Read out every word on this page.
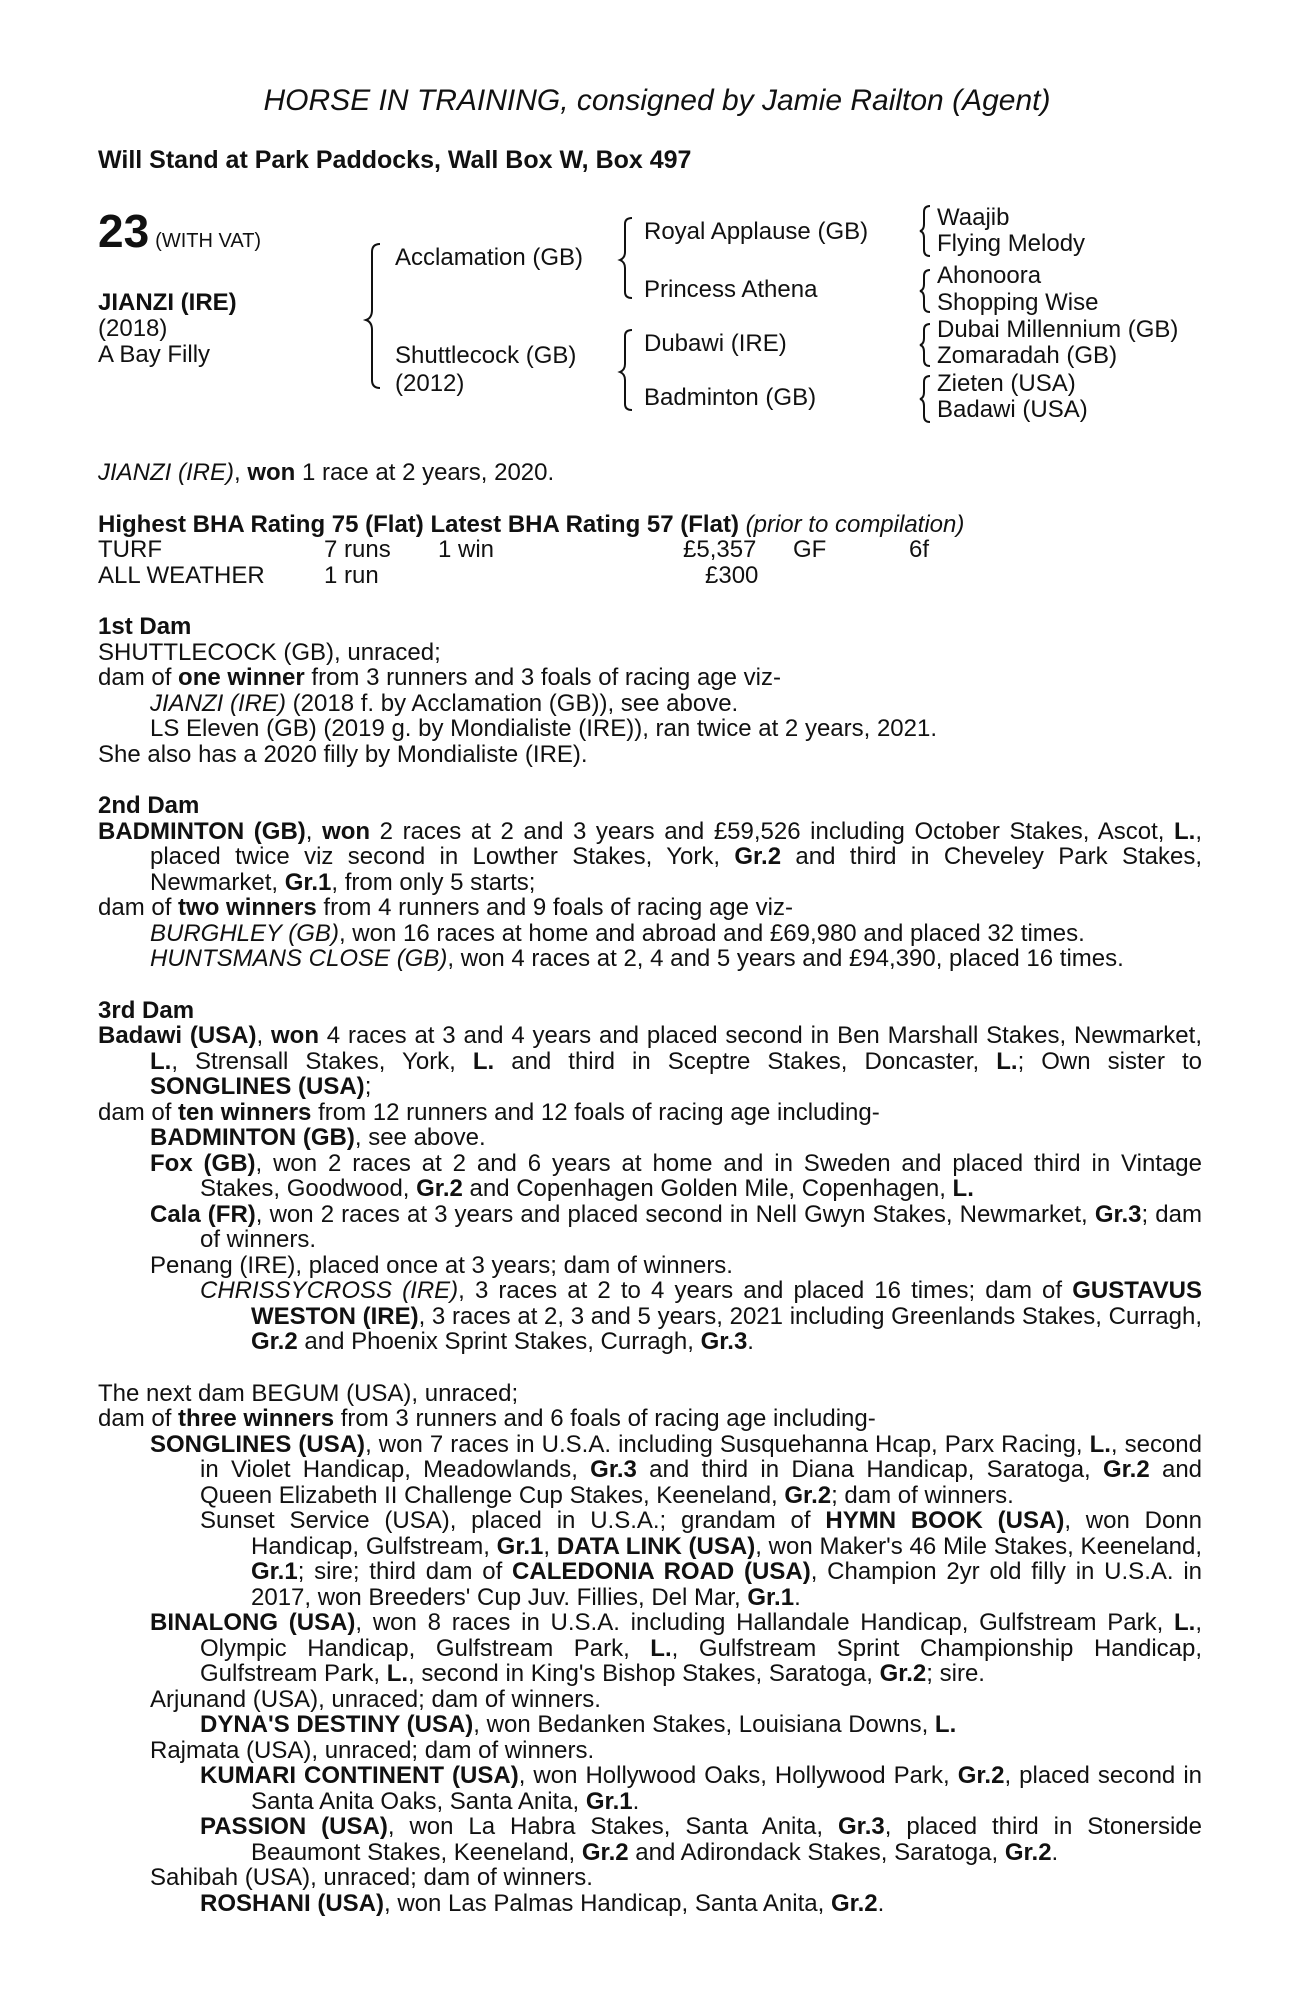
HORSE IN TRAINING, consigned by Jamie Railton (Agent)
Will Stand at Park Paddocks, Wall Box W, Box 497
23 (WITH VAT)
JIANZI (IRE)
(2018)
A Bay Filly
Acclamation (GB)
Shuttlecock (GB)
(2012)
Royal Applause (GB)
Princess Athena
Dubawi (IRE)
Badminton (GB)
Waajib
Flying Melody
Ahonoora
Shopping Wise
Dubai Millennium (GB)
Zomaradah (GB)
Zieten (USA)
Badawi (USA)

JIANZI (IRE), won 1 race at 2 years, 2020.

Highest BHA Rating 75 (Flat) Latest BHA Rating 57 (Flat) (prior to compilation)

TURF	7 runs	1 win	£5,357	GF	6f
ALL WEATHER	1 run		£300		

1st Dam

SHUTTLECOCK (GB), unraced;

dam of one winner from 3 runners and 3 foals of racing age viz-

JIANZI (IRE) (2018 f. by Acclamation (GB)), see above.

LS Eleven (GB) (2019 g. by Mondialiste (IRE)), ran twice at 2 years, 2021.

She also has a 2020 filly by Mondialiste (IRE).

2nd Dam

BADMINTON (GB), won 2 races at 2 and 3 years and £59,526 including October Stakes, Ascot, L., placed twice viz second in Lowther Stakes, York, Gr.2 and third in Cheveley Park Stakes, Newmarket, Gr.1, from only 5 starts;

dam of two winners from 4 runners and 9 foals of racing age viz-

BURGHLEY (GB), won 16 races at home and abroad and £69,980 and placed 32 times.

HUNTSMANS CLOSE (GB), won 4 races at 2, 4 and 5 years and £94,390, placed 16 times.

3rd Dam

Badawi (USA), won 4 races at 3 and 4 years and placed second in Ben Marshall Stakes, Newmarket, L., Strensall Stakes, York, L. and third in Sceptre Stakes, Doncaster, L.; Own sister to SONGLINES (USA);

dam of ten winners from 12 runners and 12 foals of racing age including-

BADMINTON (GB), see above.

Fox (GB), won 2 races at 2 and 6 years at home and in Sweden and placed third in Vintage Stakes, Goodwood, Gr.2 and Copenhagen Golden Mile, Copenhagen, L.

Cala (FR), won 2 races at 3 years and placed second in Nell Gwyn Stakes, Newmarket, Gr.3; dam of winners.

Penang (IRE), placed once at 3 years; dam of winners.

CHRISSYCROSS (IRE), 3 races at 2 to 4 years and placed 16 times; dam of GUSTAVUS WESTON (IRE), 3 races at 2, 3 and 5 years, 2021 including Greenlands Stakes, Curragh, Gr.2 and Phoenix Sprint Stakes, Curragh, Gr.3.

The next dam BEGUM (USA), unraced;

dam of three winners from 3 runners and 6 foals of racing age including-

SONGLINES (USA), won 7 races in U.S.A. including Susquehanna Hcap, Parx Racing, L., second in Violet Handicap, Meadowlands, Gr.3 and third in Diana Handicap, Saratoga, Gr.2 and Queen Elizabeth II Challenge Cup Stakes, Keeneland, Gr.2; dam of winners.

Sunset Service (USA), placed in U.S.A.; grandam of HYMN BOOK (USA), won Donn Handicap, Gulfstream, Gr.1, DATA LINK (USA), won Maker's 46 Mile Stakes, Keeneland, Gr.1; sire; third dam of CALEDONIA ROAD (USA), Champion 2yr old filly in U.S.A. in 2017, won Breeders' Cup Juv. Fillies, Del Mar, Gr.1.

BINALONG (USA), won 8 races in U.S.A. including Hallandale Handicap, Gulfstream Park, L., Olympic Handicap, Gulfstream Park, L., Gulfstream Sprint Championship Handicap, Gulfstream Park, L., second in King's Bishop Stakes, Saratoga, Gr.2; sire.

Arjunand (USA), unraced; dam of winners.

DYNA'S DESTINY (USA), won Bedanken Stakes, Louisiana Downs, L.

Rajmata (USA), unraced; dam of winners.

KUMARI CONTINENT (USA), won Hollywood Oaks, Hollywood Park, Gr.2, placed second in Santa Anita Oaks, Santa Anita, Gr.1.

PASSION (USA), won La Habra Stakes, Santa Anita, Gr.3, placed third in Stonerside Beaumont Stakes, Keeneland, Gr.2 and Adirondack Stakes, Saratoga, Gr.2.

Sahibah (USA), unraced; dam of winners.

ROSHANI (USA), won Las Palmas Handicap, Santa Anita, Gr.2.
